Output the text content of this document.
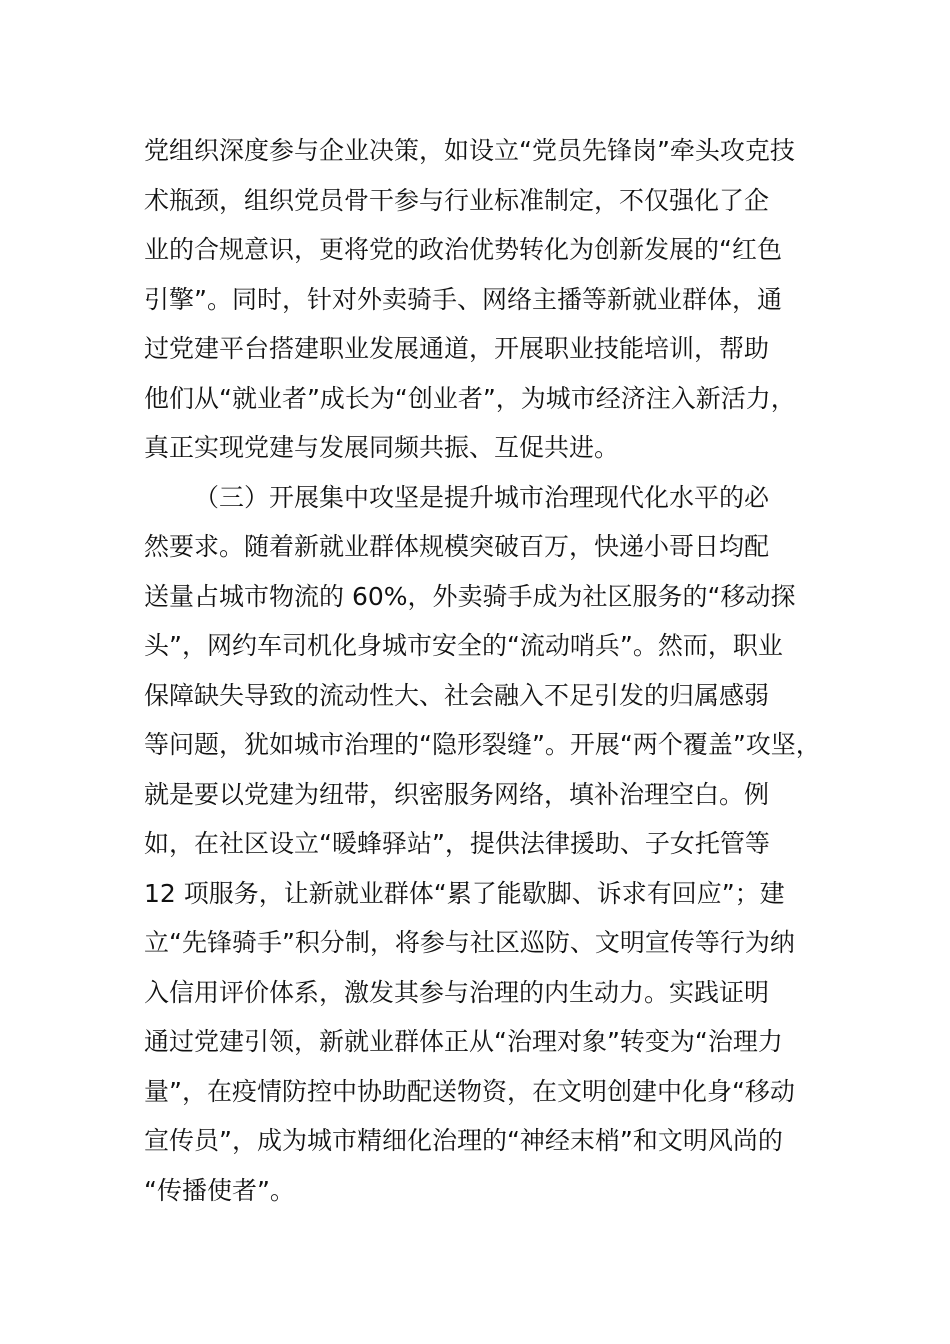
党组织深度参与企业决策，如设立“党员先锋岗”牵头攻克技
术瓶颈，组织党员骨干参与行业标准制定，不仅强化了企
业的合规意识，更将党的政治优势转化为创新发展的“红色
引擎”。同时，针对外卖骑手、网络主播等新就业群体，通
过党建平台搭建职业发展通道，开展职业技能培训，帮助
他们从“就业者”成长为“创业者”，为城市经济注入新活力，
真正实现党建与发展同频共振、互促共进。
（三）开展集中攻坚是提升城市治理现代化水平的必
然要求。随着新就业群体规模突破百万，快递小哥日均配
送量占城市物流的 60%，外卖骑手成为社区服务的“移动探
头”，网约车司机化身城市安全的“流动哨兵”。然而，职业
保障缺失导致的流动性大、社会融入不足引发的归属感弱
等问题，犹如城市治理的“隐形裂缝”。开展“两个覆盖”攻坚，
就是要以党建为纽带，织密服务网络，填补治理空白。例
如，在社区设立“暖蜂驿站”，提供法律援助、子女托管等
12 项服务，让新就业群体“累了能歇脚、诉求有回应”；建
立“先锋骑手”积分制，将参与社区巡防、文明宣传等行为纳
入信用评价体系，激发其参与治理的内生动力。实践证明
通过党建引领，新就业群体正从“治理对象”转变为“治理力
量”，在疫情防控中协助配送物资，在文明创建中化身“移动
宣传员”，成为城市精细化治理的“神经末梢”和文明风尚的
“传播使者”。
